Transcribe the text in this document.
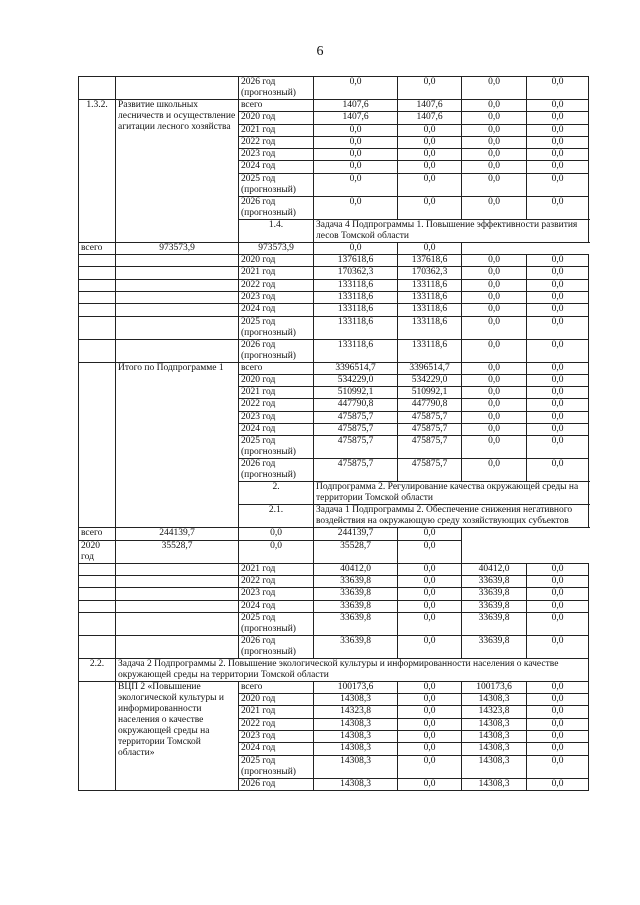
6
		2026 год
(прогнозный)	0,0	0,0	0,0	0,0
1.3.2.	Развитие школьных лесничеств и осуществление агитации лесного хозяйства	всего	1407,6	1407,6	0,0	0,0
		2020 год	1407,6	1407,6	0,0	0,0
		2021 год	0,0	0,0	0,0	0,0
		2022 год	0,0	0,0	0,0	0,0
		2023 год	0,0	0,0	0,0	0,0
		2024 год	0,0	0,0	0,0	0,0
		2025 год
(прогнозный)	0,0	0,0	0,0	0,0
		2026 год
(прогнозный)	0,0	0,0	0,0	0,0
		1.4.	Задача 4 Подпрограммы 1. Повышение эффективности развития лесов Томской области			
всего	973573,9	973573,9	0,0	0,0		
		2020 год	137618,6	137618,6	0,0	0,0
		2021 год	170362,3	170362,3	0,0	0,0
		2022 год	133118,6	133118,6	0,0	0,0
		2023 год	133118,6	133118,6	0,0	0,0
		2024 год	133118,6	133118,6	0,0	0,0
		2025 год
(прогнозный)	133118,6	133118,6	0,0	0,0
		2026 год
(прогнозный)	133118,6	133118,6	0,0	0,0
	Итого по Подпрограмме 1	всего	3396514,7	3396514,7	0,0	0,0
		2020 год	534229,0	534229,0	0,0	0,0
		2021 год	510992,1	510992,1	0,0	0,0
		2022 год	447790,8	447790,8	0,0	0,0
		2023 год	475875,7	475875,7	0,0	0,0
		2024 год	475875,7	475875,7	0,0	0,0
		2025 год
(прогнозный)	475875,7	475875,7	0,0	0,0
		2026 год
(прогнозный)	475875,7	475875,7	0,0	0,0
		2.	Подпрограмма 2. Регулирование качества окружающей среды на территории Томской области			
		2.1.	Задача 1 Подпрограммы 2. Обеспечение снижения негативного воздействия на окружающую среду хозяйствующих субъектов			
всего	244139,7	0,0	244139,7	0,0		
2020 год	35528,7	0,0	35528,7	0,0		
		2021 год	40412,0	0,0	40412,0	0,0
		2022 год	33639,8	0,0	33639,8	0,0
		2023 год	33639,8	0,0	33639,8	0,0
		2024 год	33639,8	0,0	33639,8	0,0
		2025 год
(прогнозный)	33639,8	0,0	33639,8	0,0
		2026 год
(прогнозный)	33639,8	0,0	33639,8	0,0
2.2.	Задача 2 Подпрограммы 2. Повышение экологической культуры и информированности населения о качестве окружающей среды на территории Томской области					
	ВЦП 2 «Повышение экологической культуры и информированности населения о качестве окружающей среды на территории Томской области»	всего	100173,6	0,0	100173,6	0,0
		2020 год	14308,3	0,0	14308,3	0,0
		2021 год	14323,8	0,0	14323,8	0,0
		2022 год	14308,3	0,0	14308,3	0,0
		2023 год	14308,3	0,0	14308,3	0,0
		2024 год	14308,3	0,0	14308,3	0,0
		2025 год
(прогнозный)	14308,3	0,0	14308,3	0,0
		2026 год	14308,3	0,0	14308,3	0,0
